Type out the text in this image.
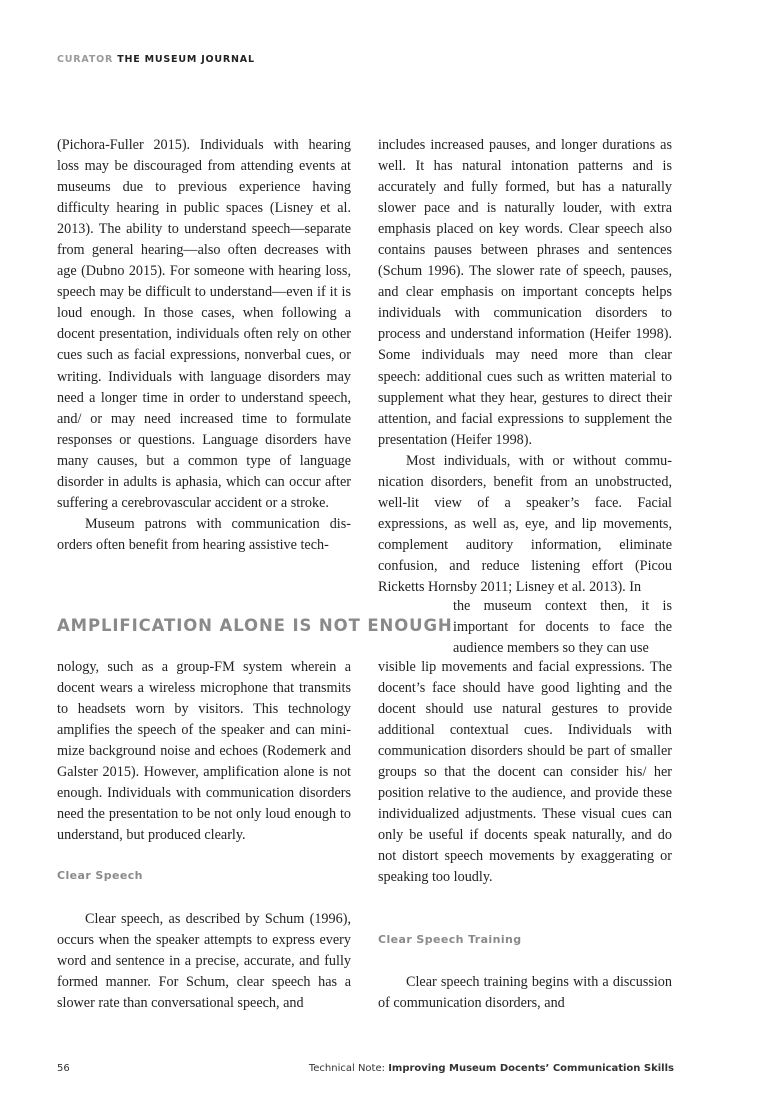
CURATOR THE MUSEUM JOURNAL

(Pichora-Fuller 2015). Individuals with hearing loss may be discouraged from attending events at museums due to previous experience having difficulty hearing in public spaces (Lisney et al. 2013). The ability to understand speech—separate from general hearing—also often decreases with age (Dubno 2015). For someone with hearing loss, speech may be difficult to understand—even if it is loud enough. In those cases, when following a docent presentation, individuals often rely on other cues such as facial expressions, nonverbal cues, or writing. Individuals with language disorders may need a longer time in order to understand speech, and/ or may need increased time to formulate responses or questions. Language disorders have many causes, but a common type of language disorder in adults is aphasia, which can occur after suffering a cerebrovascular accident or a stroke.

Museum patrons with communication disorders often benefit from hearing assistive tech-

AMPLIFICATION ALONE IS NOT ENOUGH

nology, such as a group-FM system wherein a docent wears a wireless microphone that transmits to headsets worn by visitors. This technology amplifies the speech of the speaker and can minimize background noise and echoes (Rodemerk and Galster 2015). However, amplification alone is not enough. Individuals with communication disorders need the presentation to be not only loud enough to understand, but produced clearly.

Clear Speech

Clear speech, as described by Schum (1996), occurs when the speaker attempts to express every word and sentence in a precise, accurate, and fully formed manner. For Schum, clear speech has a slower rate than conversational speech, and

includes increased pauses, and longer durations as well. It has natural intonation patterns and is accurately and fully formed, but has a naturally slower pace and is naturally louder, with extra emphasis placed on key words. Clear speech also contains pauses between phrases and sentences (Schum 1996). The slower rate of speech, pauses, and clear emphasis on important concepts helps individuals with communication disorders to process and understand information (Heifer 1998). Some individuals may need more than clear speech: additional cues such as written material to supplement what they hear, gestures to direct their attention, and facial expressions to supplement the presentation (Heifer 1998).

Most individuals, with or without communication disorders, benefit from an unobstructed, well-lit view of a speaker’s face. Facial expressions, as well as, eye, and lip movements, complement auditory information, eliminate confusion, and reduce listening effort (Picou Ricketts Hornsby 2011; Lisney et al. 2013). In

the museum context then, it is important for docents to face the audience members so they can use

visible lip movements and facial expressions. The docent’s face should have good lighting and the docent should use natural gestures to provide additional contextual cues. Individuals with communication disorders should be part of smaller groups so that the docent can consider his/ her position relative to the audience, and provide these individualized adjustments. These visual cues can only be useful if docents speak naturally, and do not distort speech movements by exaggerating or speaking too loudly.

Clear Speech Training

Clear speech training begins with a discussion of communication disorders, and

56	Technical Note: Improving Museum Docents’ Communication Skills
